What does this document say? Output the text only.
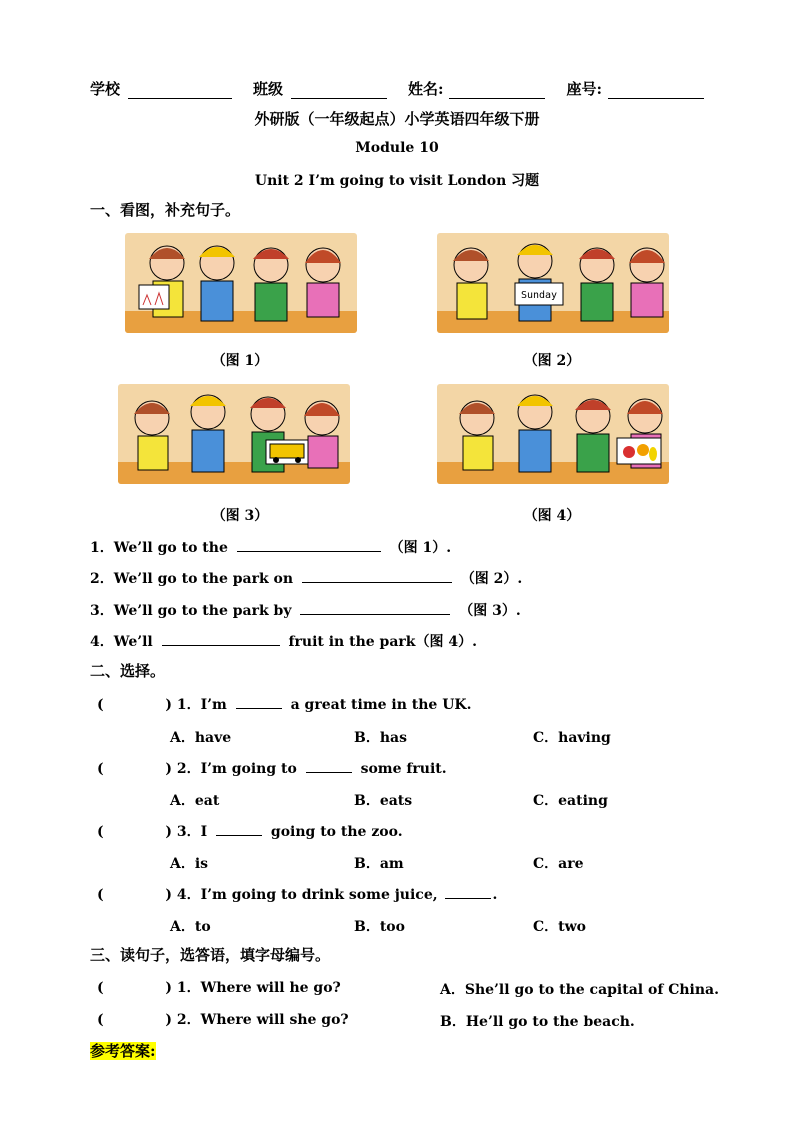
学校	班级	姓名:	座号:
外研版（一年级起点）小学英语四年级下册
Module 10
Unit 2 I’m going to visit London 习题
一、看图，补充句子。
（图 1）
Sunday
（图 2）
（图 3）	（图 4）
1．We’ll go to the	（图 1）.
2．We’ll go to the park on	（图 2）.
3．We’ll go to the park by	（图 3）.
4．We’ll	fruit in the park（图 4）.
二、选择。
(	) 1．I’m	a great time in the UK.
A．have	B．has	C．having
(	) 2．I’m going to	some fruit.
A．eat	B．eats	C．eating
(	) 3．I	going to the zoo.
A．is	B．am	C．are
(	) 4．I’m going to drink some juice,	.
A．to	B．too	C．two
三、读句子，选答语，填字母编号。
(	) 1．Where will he go?	A．She’ll go to the capital of China.
(	) 2．Where will she go?	B．He’ll go to the beach.
参考答案:
